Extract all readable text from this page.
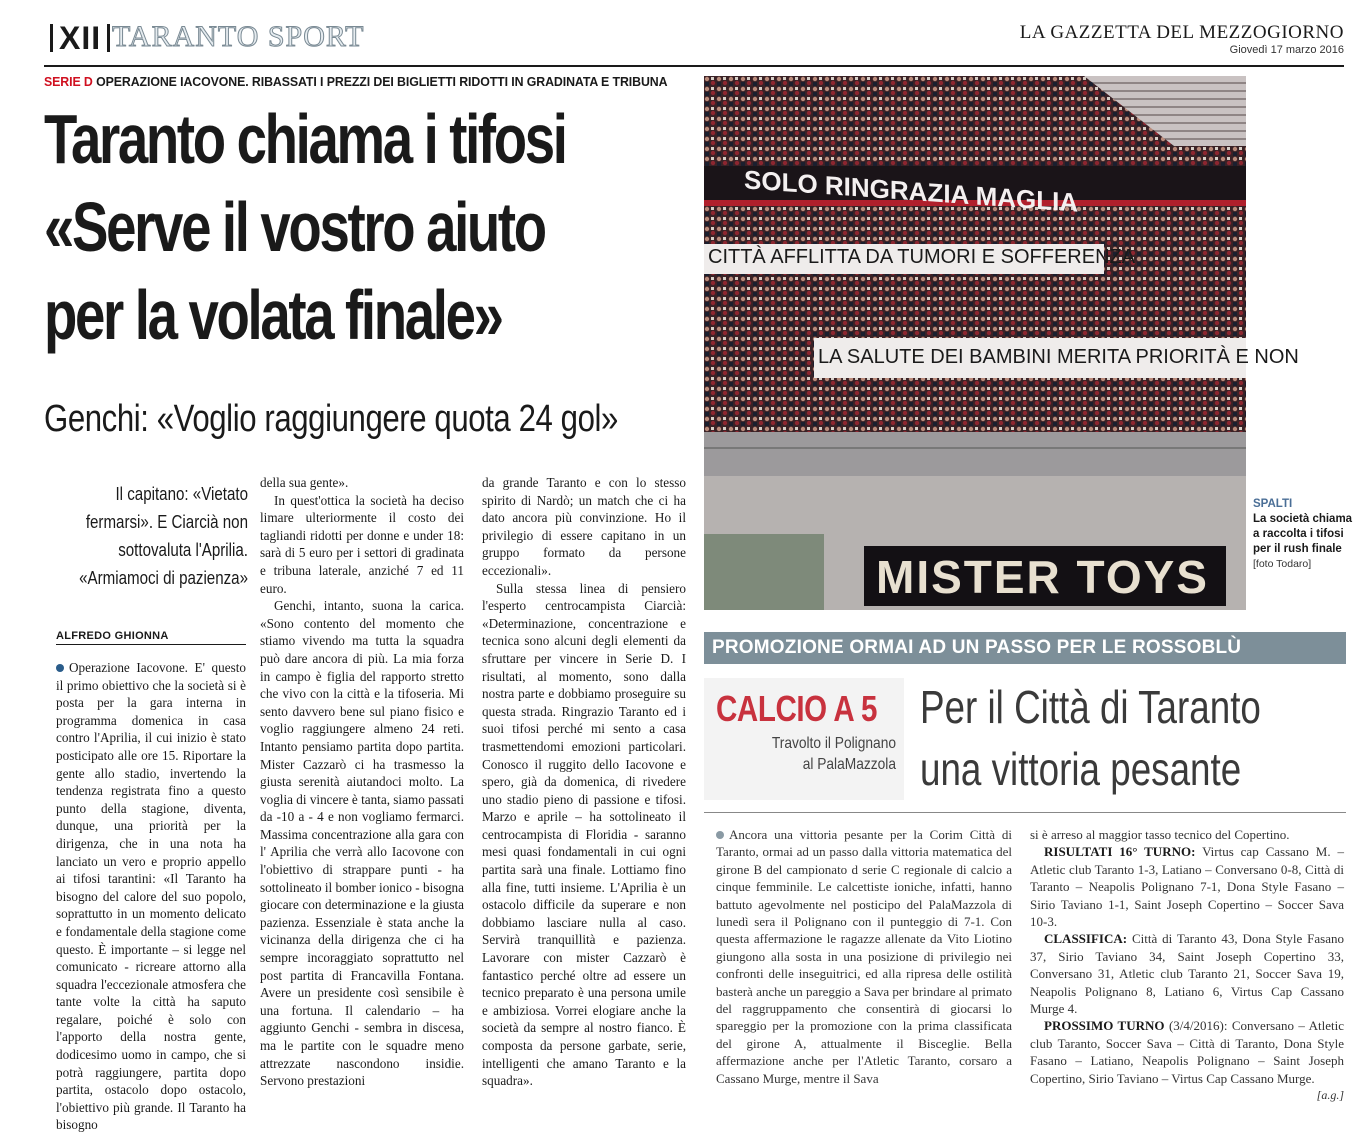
XII TARANTO SPORT	LA GAZZETTA DEL MEZZOGIORNO
Giovedì 17 marzo 2016
SERIE D OPERAZIONE IACOVONE. RIBASSATI I PREZZI DEI BIGLIETTI RIDOTTI IN GRADINATA E TRIBUNA
Taranto chiama i tifosi
«Serve il vostro aiuto
per la volata finale»
Genchi: «Voglio raggiungere quota 24 gol»
Il capitano: «Vietato
fermarsi». E Ciarcià non
sottovaluta l'Aprilia.
«Armiamoci di pazienza»
ALFREDO GHIONNA

Operazione Iacovone. E' questo il primo obiettivo che la società si è posta per la gara interna in programma domenica in casa contro l'Aprilia, il cui inizio è stato posticipato alle ore 15. Riportare la gente allo stadio, invertendo la tendenza registrata fino a questo punto della stagione, diventa, dunque, una priorità per la dirigenza, che in una nota ha lanciato un vero e proprio appello ai tifosi tarantini: «Il Taranto ha bisogno del calore del suo popolo, soprattutto in un momento delicato e fondamentale della stagione come questo. È importante – si legge nel comunicato - ricreare attorno alla squadra l'eccezionale atmosfera che tante volte la città ha saputo regalare, poiché è solo con l'apporto della nostra gente, dodicesimo uomo in campo, che si potrà raggiungere, partita dopo partita, ostacolo dopo ostacolo, l'obiettivo più grande. Il Taranto ha bisogno

della sua gente».

In quest'ottica la società ha deciso limare ulteriormente il costo dei tagliandi ridotti per donne e under 18: sarà di 5 euro per i settori di gradinata e tribuna laterale, anziché 7 ed 11 euro.

Genchi, intanto, suona la carica. «Sono contento del momento che stiamo vivendo ma tutta la squadra può dare ancora di più. La mia forza in campo è figlia del rapporto stretto che vivo con la città e la tifoseria. Mi sento davvero bene sul piano fisico e voglio raggiungere almeno 24 reti. Intanto pensiamo partita dopo partita. Mister Cazzarò ci ha trasmesso la giusta serenità aiutandoci molto. La voglia di vincere è tanta, siamo passati da -10 a - 4 e non vogliamo fermarci. Massima concentrazione alla gara con l' Aprilia che verrà allo Iacovone con l'obiettivo di strappare punti - ha sottolineato il bomber ionico - bisogna giocare con determinazione e la giusta pazienza. Essenziale è stata anche la vicinanza della dirigenza che ci ha sempre incoraggiato soprattutto nel post partita di Francavilla Fontana. Avere un presidente così sensibile è una fortuna. Il calendario – ha aggiunto Genchi - sembra in discesa, ma le partite con le squadre meno attrezzate nascondono insidie. Servono prestazioni

da grande Taranto e con lo stesso spirito di Nardò; un match che ci ha dato ancora più convinzione. Ho il privilegio di essere capitano in un gruppo formato da persone eccezionali».

Sulla stessa linea di pensiero l'esperto centrocampista Ciarcià: «Determinazione, concentrazione e tecnica sono alcuni degli elementi da sfruttare per vincere in Serie D. I risultati, al momento, sono dalla nostra parte e dobbiamo proseguire su questa strada. Ringrazio Taranto ed i suoi tifosi perché mi sento a casa trasmettendomi emozioni particolari. Conosco il ruggito dello Iacovone e spero, già da domenica, di rivedere uno stadio pieno di passione e tifosi. Marzo e aprile – ha sottolineato il centrocampista di Floridia - saranno mesi quasi fondamentali in cui ogni partita sarà una finale. Lottiamo fino alla fine, tutti insieme. L'Aprilia è un ostacolo difficile da superare e non dobbiamo lasciare nulla al caso. Servirà tranquillità e pazienza. Lavorare con mister Cazzarò è fantastico perché oltre ad essere un tecnico preparato è una persona umile e ambiziosa. Vorrei elogiare anche la società da sempre al nostro fianco. È composta da persone garbate, serie, intelligenti che amano Taranto e la squadra».

SOLO RINGRAZIA MAGLIA
CITTÀ AFFLITTA DA TUMORI E SOFFERENZA
LA SALUTE DEI BAMBINI MERITA PRIORITÀ E NON
MISTER TOYS
SPALTI
La società chiama a raccolta i tifosi per il rush finale
[foto Todaro]
PROMOZIONE ORMAI AD UN PASSO PER LE ROSSOBLÙ
CALCIO A 5
Travolto il Polignano
al PalaMazzola
Per il Città di Taranto
una vittoria pesante

Ancora una vittoria pesante per la Corim Città di Taranto, ormai ad un passo dalla vittoria matematica del girone B del campionato d serie C regionale di calcio a cinque femminile. Le calcettiste ioniche, infatti, hanno battuto agevolmente nel posticipo del PalaMazzola di lunedì sera il Polignano con il punteggio di 7-1. Con questa affermazione le ragazze allenate da Vito Liotino giungono alla sosta in una posizione di privilegio nei confronti delle inseguitrici, ed alla ripresa delle ostilità basterà anche un pareggio a Sava per brindare al primato del raggruppamento che consentirà di giocarsi lo spareggio per la promozione con la prima classificata del girone A, attualmente il Bisceglie. Bella affermazione anche per l'Atletic Taranto, corsaro a Cassano Murge, mentre il Sava

si è arreso al maggior tasso tecnico del Copertino.

RISULTATI 16° TURNO: Virtus cap Cassano M. – Atletic club Taranto 1-3, Latiano – Conversano 0-8, Città di Taranto – Neapolis Polignano 7-1, Dona Style Fasano – Sirio Taviano 1-1, Saint Joseph Copertino – Soccer Sava 10-3.

CLASSIFICA: Città di Taranto 43, Dona Style Fasano 37, Sirio Taviano 34, Saint Joseph Copertino 33, Conversano 31, Atletic club Taranto 21, Soccer Sava 19, Neapolis Polignano 8, Latiano 6, Virtus Cap Cassano Murge 4.

PROSSIMO TURNO (3/4/2016): Conversano – Atletic club Taranto, Soccer Sava – Città di Taranto, Dona Style Fasano – Latiano, Neapolis Polignano – Saint Joseph Copertino, Sirio Taviano – Virtus Cap Cassano Murge.

[a.g.]
